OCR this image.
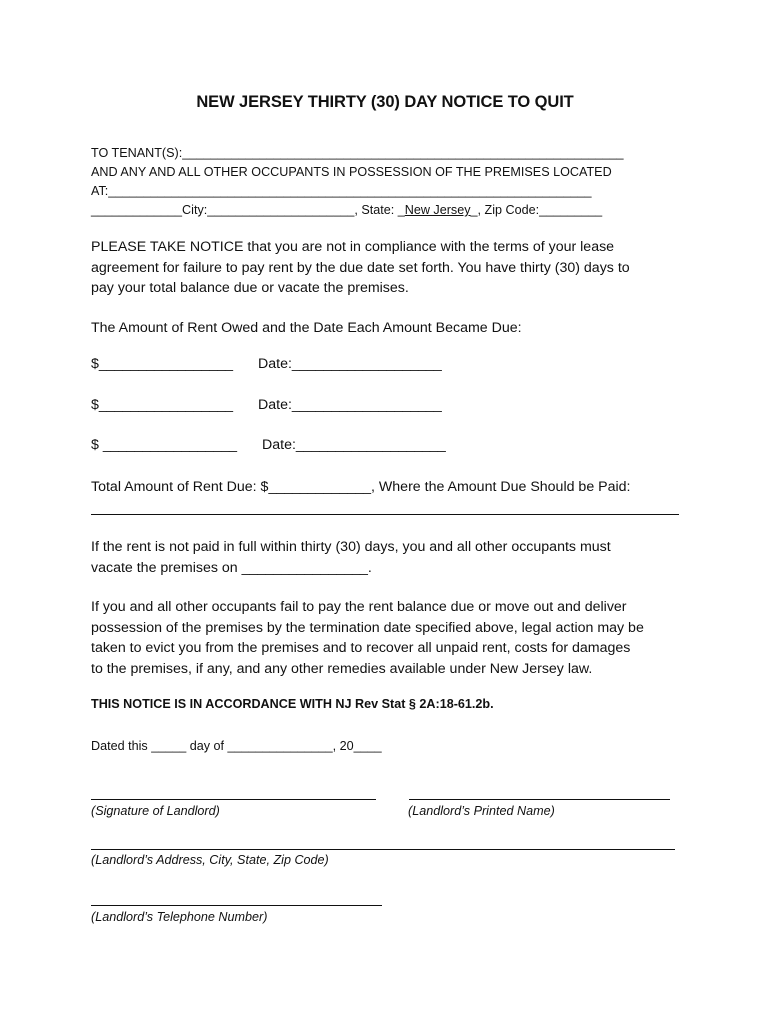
NEW JERSEY THIRTY (30) DAY NOTICE TO QUIT
TO TENANT(S):_______________________________________________________________
AND ANY AND ALL OTHER OCCUPANTS IN POSSESSION OF THE PREMISES LOCATED
AT:_____________________________________________________________________
_____________City:_____________________, State: _New Jersey_, Zip Code:_________
PLEASE TAKE NOTICE that you are not in compliance with the terms of your lease
agreement for failure to pay rent by the due date set forth. You have thirty (30) days to
pay your total balance due or vacate the premises.
The Amount of Rent Owed and the Date Each Amount Became Due:
$_________________ Date:___________________
$_________________ Date:___________________
$ _________________ Date:___________________
Total Amount of Rent Due: $_____________, Where the Amount Due Should be Paid:
If the rent is not paid in full within thirty (30) days, you and all other occupants must
vacate the premises on ________________.
If you and all other occupants fail to pay the rent balance due or move out and deliver
possession of the premises by the termination date specified above, legal action may be
taken to evict you from the premises and to recover all unpaid rent, costs for damages
to the premises, if any, and any other remedies available under New Jersey law.
THIS NOTICE IS IN ACCORDANCE WITH NJ Rev Stat § 2A:18-61.2b.
Dated this _____ day of _______________, 20____
(Signature of Landlord)	(Landlord’s Printed Name)
(Landlord’s Address, City, State, Zip Code)
(Landlord’s Telephone Number)
